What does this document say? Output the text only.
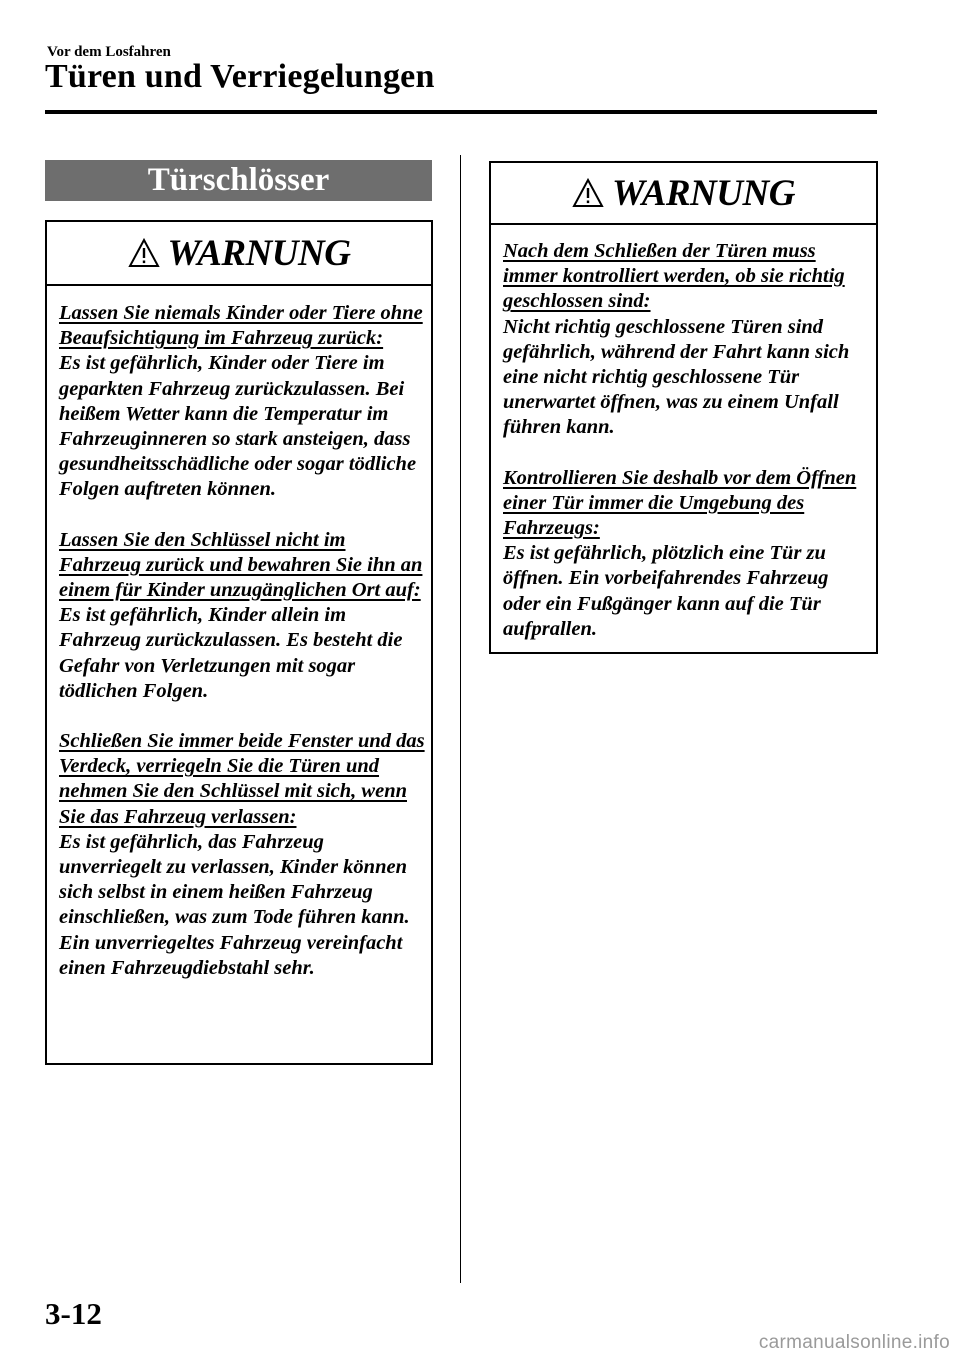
Vor dem Losfahren
Türen und Verriegelungen
Türschlösser
WARNUNG
Lassen Sie niemals Kinder oder Tiere ohne Beaufsichtigung im Fahrzeug zurück:
Es ist gefährlich, Kinder oder Tiere im geparkten Fahrzeug zurückzulassen. Bei heißem Wetter kann die Temperatur im Fahrzeuginneren so stark ansteigen, dass gesundheitsschädliche oder sogar tödliche Folgen auftreten können.
Lassen Sie den Schlüssel nicht im Fahrzeug zurück und bewahren Sie ihn an einem für Kinder unzugänglichen Ort auf:
Es ist gefährlich, Kinder allein im Fahrzeug zurückzulassen. Es besteht die Gefahr von Verletzungen mit sogar tödlichen Folgen.
Schließen Sie immer beide Fenster und das Verdeck, verriegeln Sie die Türen und nehmen Sie den Schlüssel mit sich, wenn Sie das Fahrzeug verlassen:
Es ist gefährlich, das Fahrzeug unverriegelt zu verlassen, Kinder können sich selbst in einem heißen Fahrzeug einschließen, was zum Tode führen kann. Ein unverriegeltes Fahrzeug vereinfacht einen Fahrzeugdiebstahl sehr.
WARNUNG
Nach dem Schließen der Türen muss immer kontrolliert werden, ob sie richtig geschlossen sind:
Nicht richtig geschlossene Türen sind gefährlich, während der Fahrt kann sich eine nicht richtig geschlossene Tür unerwartet öffnen, was zu einem Unfall führen kann.
Kontrollieren Sie deshalb vor dem Öffnen einer Tür immer die Umgebung des Fahrzeugs:
Es ist gefährlich, plötzlich eine Tür zu öffnen. Ein vorbeifahrendes Fahrzeug oder ein Fußgänger kann auf die Tür aufprallen.
3-12
carmanualsonline.info
